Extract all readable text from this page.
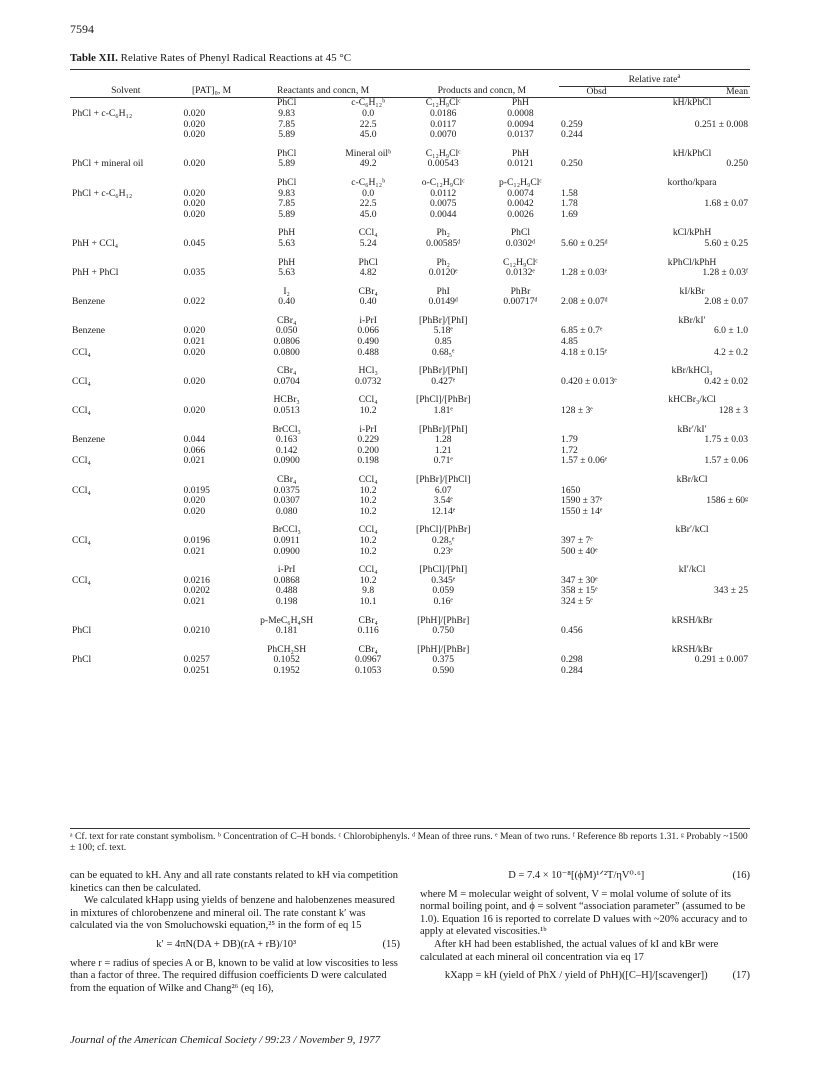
7594
Table XII. Relative Rates of Phenyl Radical Reactions at 45 °C
						Relative rate$^a$
Solvent	[PAT]₀, M	Reactants and concn, M		Products and concn, M		Obsd	Mean
		PhCl	c-C₆H₁₂ᵇ	C₁₂H₉Clᶜ	PhH		kH/kPhCl
PhCl + c-C₆H₁₂	0.020	9.83	0.0	0.0186	0.0008		
	0.020	7.85	22.5	0.0117	0.0094	0.259	0.251 ± 0.008
	0.020	5.89	45.0	0.0070	0.0137	0.244	

		PhCl	Mineral oilᵇ	C₁₂H₉Clᶜ	PhH		kH/kPhCl
PhCl + mineral oil	0.020	5.89	49.2	0.00543	0.0121	0.250	0.250

		PhCl	c-C₆H₁₂ᵇ	o-C₁₂H₉Clᶜ	p-C₁₂H₉Clᶜ		kortho/kpara
PhCl + c-C₆H₁₂	0.020	9.83	0.0	0.0112	0.0074	1.58	
	0.020	7.85	22.5	0.0075	0.0042	1.78	1.68 ± 0.07
	0.020	5.89	45.0	0.0044	0.0026	1.69	

		PhH	CCl₄	Ph₂	PhCl		kCl/kPhH
PhH + CCl₄	0.045	5.63	5.24	0.00585ᵈ	0.0302ᵈ	5.60 ± 0.25ᵈ	5.60 ± 0.25

		PhH	PhCl	Ph₂	C₁₂H₉Clᶜ		kPhCl/kPhH
PhH + PhCl	0.035	5.63	4.82	0.0120ᵉ	0.0132ᵉ	1.28 ± 0.03ᵉ	1.28 ± 0.03ᶠ

		I₂	CBr₄	PhI	PhBr		kI/kBr
Benzene	0.022	0.40	0.40	0.0149ᵈ	0.00717ᵈ	2.08 ± 0.07ᵈ	2.08 ± 0.07

		CBr₄	i-PrI	[PhBr]/[PhI]			kBr/kI′
Benzene	0.020	0.050	0.066	5.18ᵉ		6.85 ± 0.7ᵉ	6.0 ± 1.0
	0.021	0.0806	0.490	0.85		4.85	
CCl₄	0.020	0.0800	0.488	0.68₅ᵉ		4.18 ± 0.15ᵉ	4.2 ± 0.2

		CBr₄	HCl₃	[PhBr]/[PhI]			kBr/kHCl₃
CCl₄	0.020	0.0704	0.0732	0.427ᵉ		0.420 ± 0.013ᵉ	0.42 ± 0.02

		HCBr₃	CCl₄	[PhCl]/[PhBr]			kHCBr₃/kCl
CCl₄	0.020	0.0513	10.2	1.81ᵉ		128 ± 3ᵉ	128 ± 3

		BrCCl₃	i-PrI	[PhBr]/[PhI]			kBr′/kI′
Benzene	0.044	0.163	0.229	1.28		1.79	1.75 ± 0.03
	0.066	0.142	0.200	1.21		1.72	
CCl₄	0.021	0.0900	0.198	0.71ᵉ		1.57 ± 0.06ᵉ	1.57 ± 0.06

		CBr₄	CCl₄	[PhBr]/[PhCl]			kBr/kCl
CCl₄	0.0195	0.0375	10.2	6.07		1650	
	0.020	0.0307	10.2	3.54ᵉ		1590 ± 37ᵉ	1586 ± 60ᵍ
	0.020	0.080	10.2	12.14ᵉ		1550 ± 14ᵉ	

		BrCCl₃	CCl₄	[PhCl]/[PhBr]			kBr′/kCl
CCl₄	0.0196	0.0911	10.2	0.28₅ᵉ		397 ± 7ᵉ	
	0.021	0.0900	10.2	0.23ᵉ		500 ± 40ᵉ	

		i-PrI	CCl₄	[PhCl]/[PhI]			kI′/kCl
CCl₄	0.0216	0.0868	10.2	0.345ᵉ		347 ± 30ᵉ	
	0.0202	0.488	9.8	0.059		358 ± 15ᵉ	343 ± 25
	0.021	0.198	10.1	0.16ᵉ		324 ± 5ᵉ	

		p-MeC₆H₄SH	CBr₄	[PhH]/[PhBr]			kRSH/kBr
PhCl	0.0210	0.181	0.116	0.750		0.456	

		PhCH₂SH	CBr₄	[PhH]/[PhBr]			kRSH/kBr
PhCl	0.0257	0.1052	0.0967	0.375		0.298	0.291 ± 0.007
	0.0251	0.1952	0.1053	0.590		0.284	
ᵃ Cf. text for rate constant symbolism. ᵇ Concentration of C–H bonds. ᶜ Chlorobiphenyls. ᵈ Mean of three runs. ᵉ Mean of two runs. ᶠ Reference 8b reports 1.31. ᵍ Probably ~1500 ± 100; cf. text.
can be equated to kH. Any and all rate constants related to kH via competition kinetics can then be calculated.
We calculated kHapp using yields of benzene and halobenzenes measured in mixtures of chlorobenzene and mineral oil. The rate constant k′ was calculated via the von Smoluchowski equation,²⁵ in the form of eq 15
k′ = 4πN(DA + DB)(rA + rB)/10³	(15)
where r = radius of species A or B, known to be valid at low viscosities to less than a factor of three. The required diffusion coefficients D were calculated from the equation of Wilke and Chang²⁶ (eq 16),
D = 7.4 × 10⁻⁸[(ϕM)¹ᐟ²T/ηV⁰·⁶]	(16)
where M = molecular weight of solvent, V = molal volume of solute of its normal boiling point, and ϕ = solvent “association parameter” (assumed to be 1.0). Equation 16 is reported to correlate D values with ~20% accuracy and to apply at elevated viscosities.¹ᵇ
After kH had been established, the actual values of kI and kBr were calculated at each mineral oil concentration via eq 17
kXapp = kH (yield of PhX / yield of PhH)([C–H]/[scavenger])	(17)
Journal of the American Chemical Society / 99:23 / November 9, 1977
